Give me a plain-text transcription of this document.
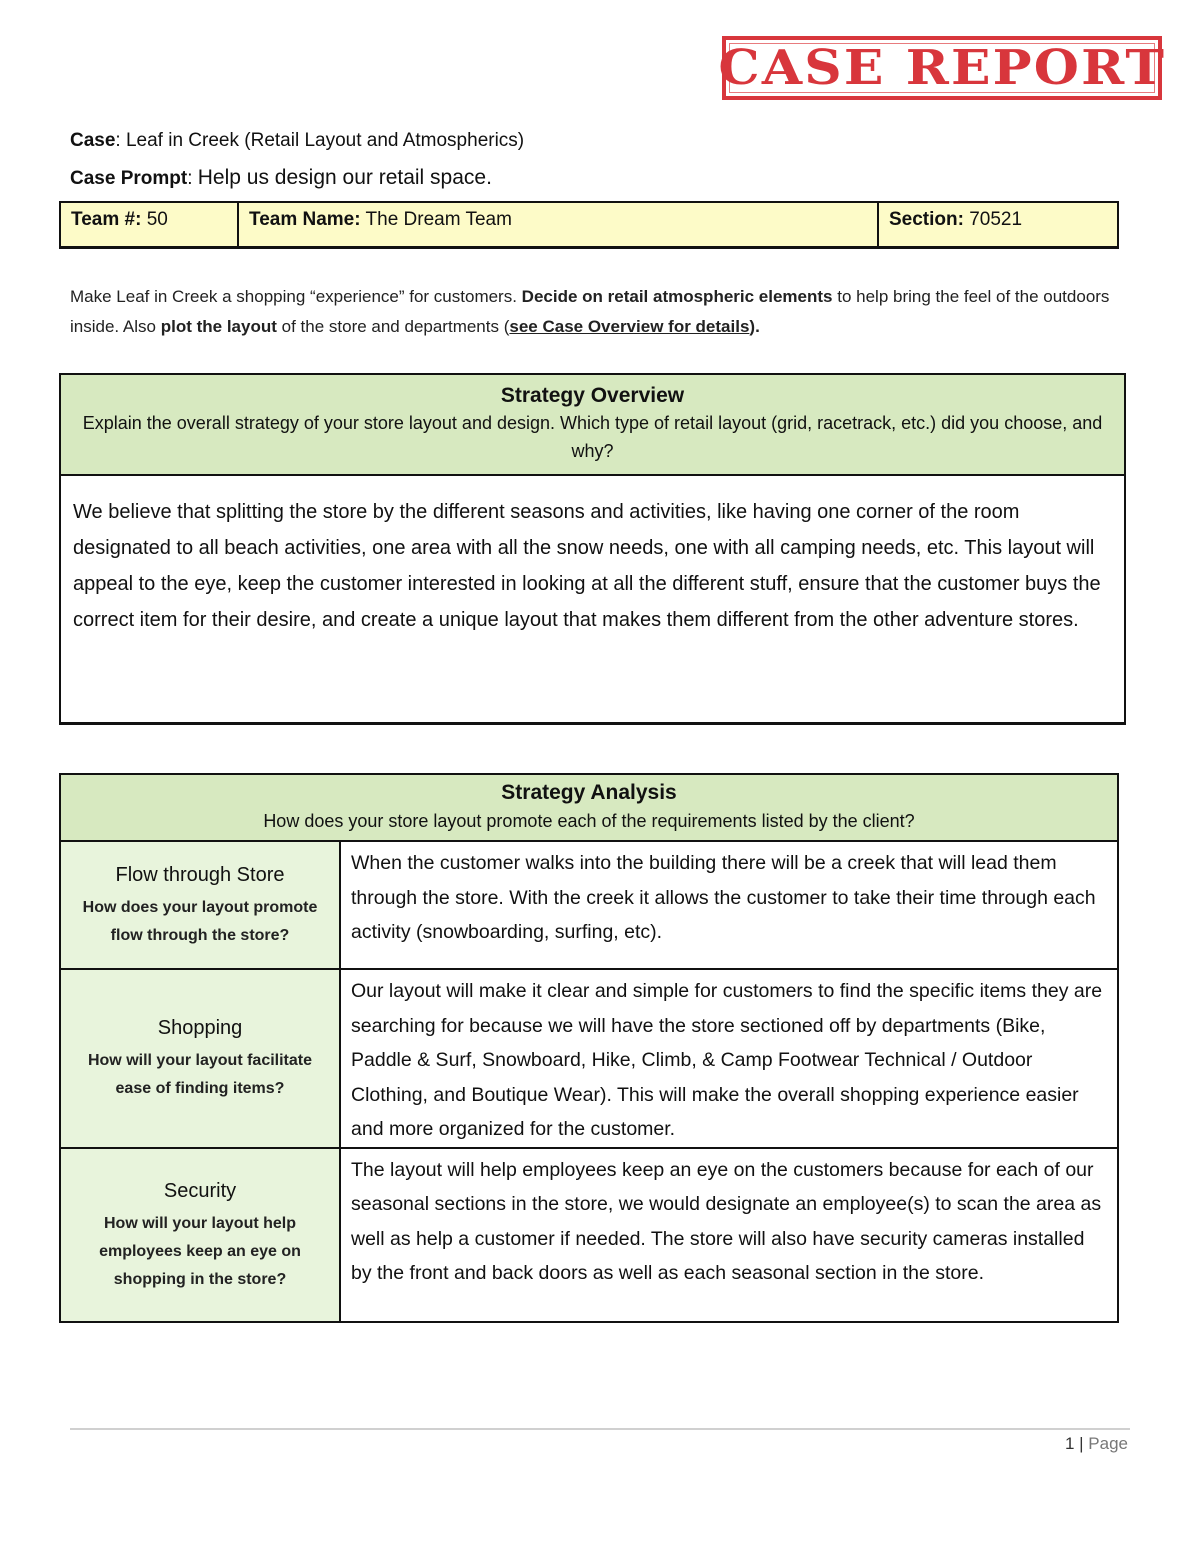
CASE REPORT
Case: Leaf in Creek (Retail Layout and Atmospherics)
Case Prompt: Help us design our retail space.
Team #: 50	Team Name: The Dream Team	Section: 70521
Make Leaf in Creek a shopping “experience” for customers. Decide on retail atmospheric elements to help bring the feel of the outdoors inside. Also plot the layout of the store and departments (see Case Overview for details).
Strategy Overview
Explain the overall strategy of your store layout and design. Which type of retail layout (grid, racetrack, etc.) did you choose, and why?

We believe that splitting the store by the different seasons and activities, like having one corner of the room designated to all beach activities, one area with all the snow needs, one with all camping needs, etc. This layout will appeal to the eye, keep the customer interested in looking at all the different stuff, ensure that the customer buys the correct item for their desire, and create a unique layout that makes them different from the other adventure stores.
Strategy Analysis
How does your store layout promote each of the requirements listed by the client?	

Flow through Store
How does your layout promote flow through the store?	When the customer walks into the building there will be a creek that will lead them through the store. With the creek it allows the customer to take their time through each activity (snowboarding, surfing, etc).

Shopping
How will your layout facilitate ease of finding items?	Our layout will make it clear and simple for customers to find the specific items they are searching for because we will have the store sectioned off by departments (Bike, Paddle & Surf, Snowboard, Hike, Climb, & Camp Footwear Technical / Outdoor Clothing, and Boutique Wear). This will make the overall shopping experience easier and more organized for the customer.

Security
How will your layout help employees keep an eye on shopping in the store?	The layout will help employees keep an eye on the customers because for each of our seasonal sections in the store, we would designate an employee(s) to scan the area as well as help a customer if needed. The store will also have security cameras installed by the front and back doors as well as each seasonal section in the store.
1 | Page
